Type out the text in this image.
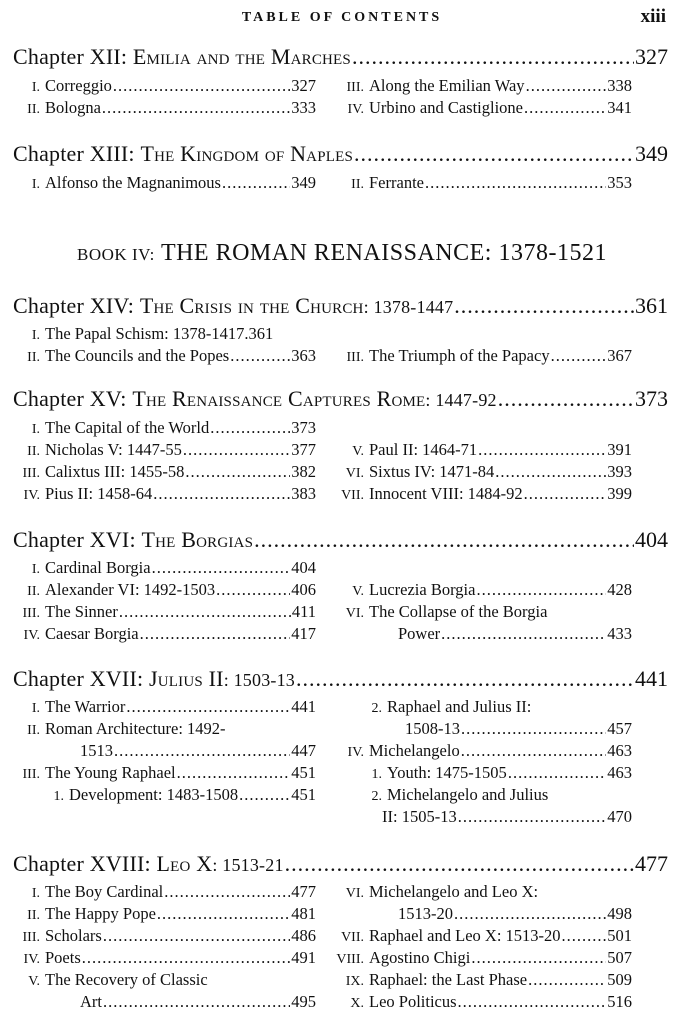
TABLE OF CONTENTS	xiii
Chapter XII: Emilia and the Marches .....	327
I. Correggio .....	327
II. Bologna .....	333
III. Along the Emilian Way .....	338
IV. Urbino and Castiglione .....	341
Chapter XIII: The Kingdom of Naples .....	349
I. Alfonso the Magnanimous .....	349	II. Ferrante .....	353
BOOK IV: THE ROMAN RENAISSANCE: 1378-1521
Chapter XIV: The Crisis in the Church: 1378-1447 .....	361
I. The Papal Schism: 1378-1417.361
II. The Councils and the Popes .....	363	III. The Triumph of the Papacy .....	367
Chapter XV: The Renaissance Captures Rome: 1447-92 .....	373
I. The Capital of the World .....	373
II. Nicholas V: 1447-55 .....	377
III. Calixtus III: 1455-58 .....	382
IV. Pius II: 1458-64 .....	383
V. Paul II: 1464-71 .....	391
VI. Sixtus IV: 1471-84 .....	393
VII. Innocent VIII: 1484-92 .....	399
Chapter XVI: The Borgias .....	404
I. Cardinal Borgia .....	404
II. Alexander VI: 1492-1503 .....	406
III. The Sinner .....	411
IV. Caesar Borgia .....	417
V. Lucrezia Borgia .....	428
VI. The Collapse of the Borgia
Power .....	433
Chapter XVII: Julius II: 1503-13 .....	441
I. The Warrior .....	441
II. Roman Architecture: 1492-
1513 .....	447
III. The Young Raphael .....	451
1. Development: 1483-1508 .....	451
2. Raphael and Julius II:
1508-13 .....	457
IV. Michelangelo .....	463
1. Youth: 1475-1505 .....	463
2. Michelangelo and Julius
II: 1505-13 .....	470
Chapter XVIII: Leo X: 1513-21 .....	477
I. The Boy Cardinal .....	477
II. The Happy Pope .....	481
III. Scholars .....	486
IV. Poets .....	491
V. The Recovery of Classic
Art .....	495
VI. Michelangelo and Leo X:
1513-20 .....	498
VII. Raphael and Leo X: 1513-20 .....	501
VIII. Agostino Chigi .....	507
IX. Raphael: the Last Phase .....	509
X. Leo Politicus .....	516
